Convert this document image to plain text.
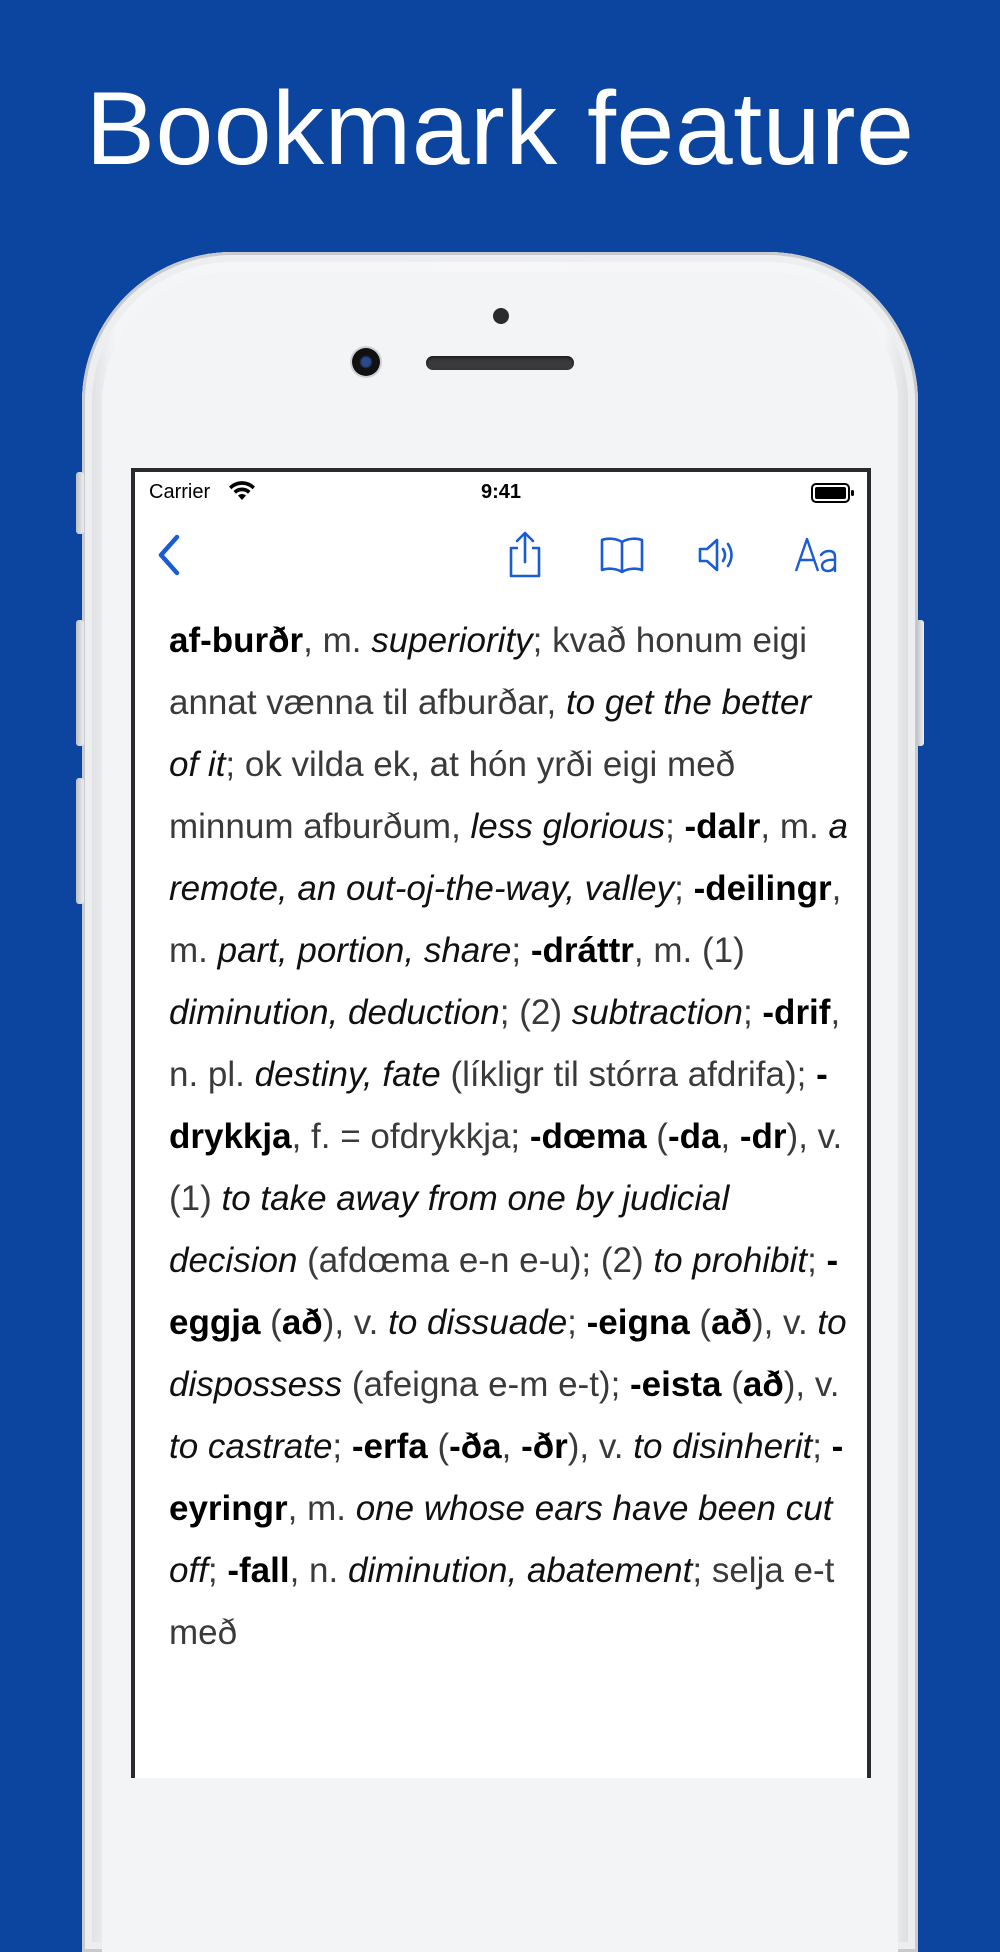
Bookmark feature
Carrier	9:41
af-burðr, m. superiority; kvað honum eigi annat vænna til afburðar, to get the better of it; ok vilda ek, at hón yrði eigi með minnum afburðum, less glorious; -dalr, m. a remote, an out-oj-the-way, valley; -deilingr, m. part, portion, share; -dráttr, m. (1) diminution, deduction; (2) subtraction; -drif, n. pl. destiny, fate (líkligr til stórra afdrifa); -drykkja, f. = ofdrykkja; -dœma (-da, -dr), v. (1) to take away from one by judicial decision (afdœma e-n e-u); (2) to prohibit; -eggja (að), v. to dissuade; -eigna (að), v. to dispossess (afeigna e-m e-t); -eista (að), v. to castrate; -erfa (-ða, -ðr), v. to disinherit; -eyringr, m. one whose ears have been cut off; -fall, n. diminution, abatement; selja e-t með
